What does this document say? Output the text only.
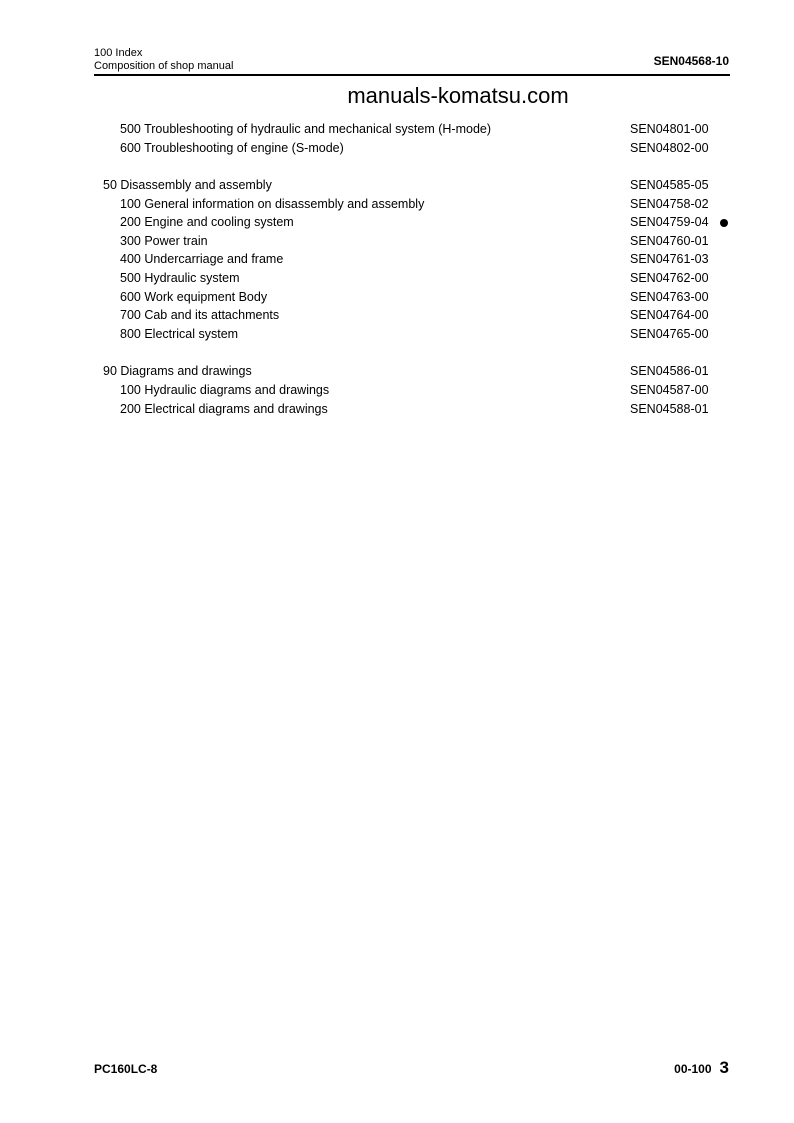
100 Index
Composition of shop manual	SEN04568-10
manuals-komatsu.com
500 Troubleshooting of hydraulic and mechanical system (H-mode)	SEN04801-00
600 Troubleshooting of engine (S-mode)	SEN04802-00
50 Disassembly and assembly	SEN04585-05
100 General information on disassembly and assembly	SEN04758-02
200 Engine and cooling system	SEN04759-04
300 Power train	SEN04760-01
400 Undercarriage and frame	SEN04761-03
500 Hydraulic system	SEN04762-00
600 Work equipment Body	SEN04763-00
700 Cab and its attachments	SEN04764-00
800 Electrical system	SEN04765-00
90 Diagrams and drawings	SEN04586-01
100 Hydraulic diagrams and drawings	SEN04587-00
200 Electrical diagrams and drawings	SEN04588-01
PC160LC-8	00-100 3
